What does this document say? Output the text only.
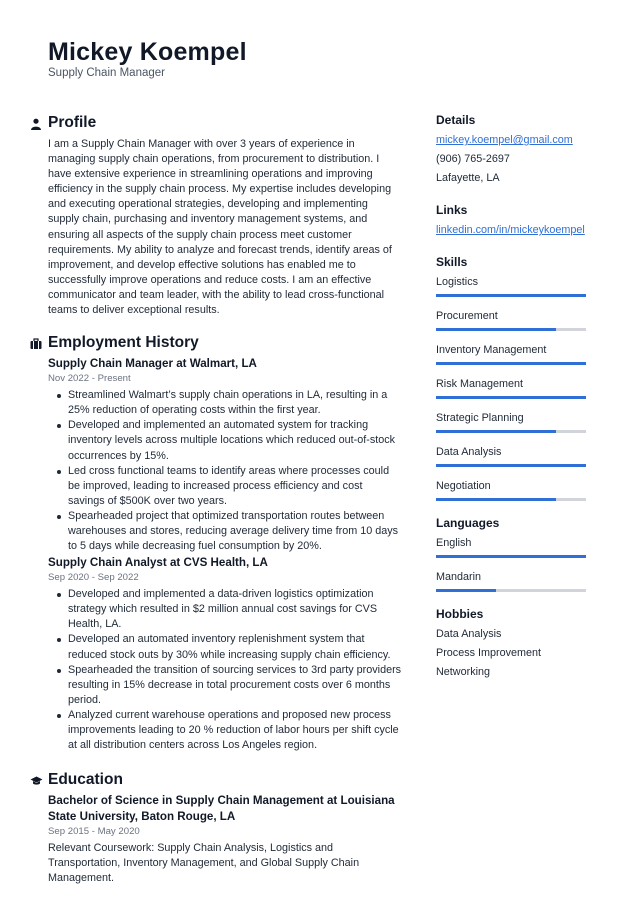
Mickey Koempel
Supply Chain Manager
Profile
I am a Supply Chain Manager with over 3 years of experience in managing supply chain operations, from procurement to distribution. I have extensive experience in streamlining operations and improving efficiency in the supply chain process. My expertise includes developing and executing operational strategies, developing and implementing supply chain, purchasing and inventory management systems, and ensuring all aspects of the supply chain process meet customer requirements. My ability to analyze and forecast trends, identify areas of improvement, and develop effective solutions has enabled me to successfully improve operations and reduce costs. I am an effective communicator and team leader, with the ability to lead cross-functional teams to deliver exceptional results.
Employment History
Supply Chain Manager at Walmart, LA
Nov 2022 - Present
Streamlined Walmart’s supply chain operations in LA, resulting in a 25% reduction of operating costs within the first year.
Developed and implemented an automated system for tracking inventory levels across multiple locations which reduced out-of-stock occurrences by 15%.
Led cross functional teams to identify areas where processes could be improved, leading to increased process efficiency and cost savings of $500K over two years.
Spearheaded project that optimized transportation routes between warehouses and stores, reducing average delivery time from 10 days to 5 days while decreasing fuel consumption by 20%.
Supply Chain Analyst at CVS Health, LA
Sep 2020 - Sep 2022
Developed and implemented a data-driven logistics optimization strategy which resulted in $2 million annual cost savings for CVS Health, LA.
Developed an automated inventory replenishment system that reduced stock outs by 30% while increasing supply chain efficiency.
Spearheaded the transition of sourcing services to 3rd party providers resulting in 15% decrease in total procurement costs over 6 months period.
Analyzed current warehouse operations and proposed new process improvements leading to 20 % reduction of labor hours per shift cycle at all distribution centers across Los Angeles region.
Education
Bachelor of Science in Supply Chain Management at Louisiana State University, Baton Rouge, LA
Sep 2015 - May 2020
Relevant Coursework: Supply Chain Analysis, Logistics and Transportation, Inventory Management, and Global Supply Chain Management.
Details
mickey.koempel@gmail.com
(906) 765-2697
Lafayette, LA
Links
linkedin.com/in/mickeykoempel
Skills
Logistics
Procurement
Inventory Management
Risk Management
Strategic Planning
Data Analysis
Negotiation
Languages
English
Mandarin
Hobbies
Data Analysis
Process Improvement
Networking
